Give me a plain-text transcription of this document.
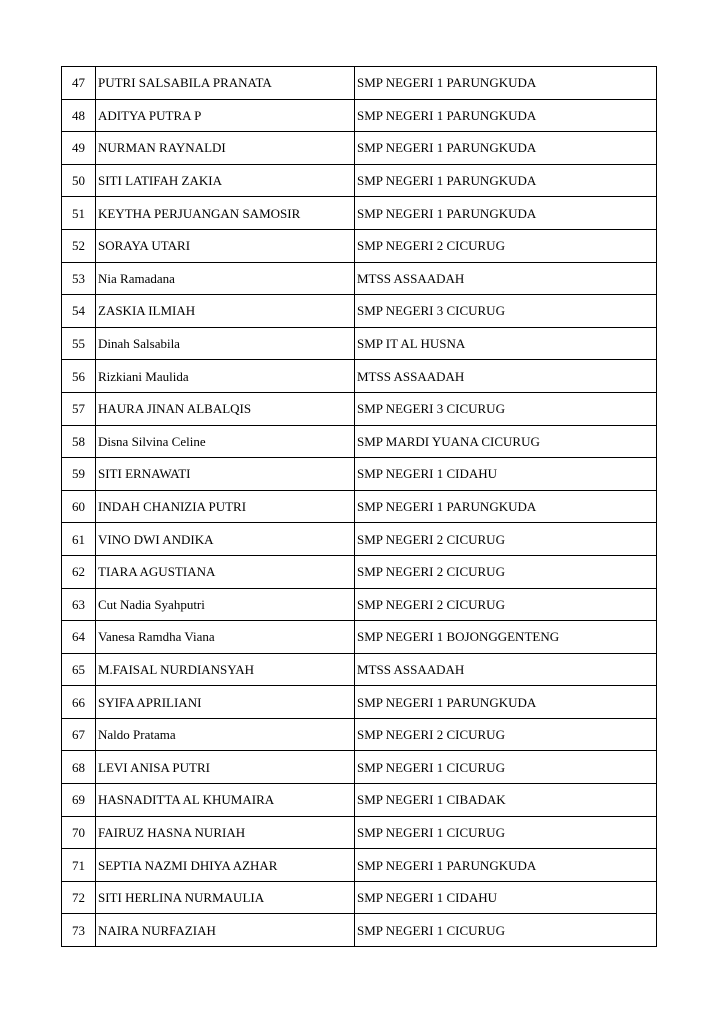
47	PUTRI SALSABILA PRANATA	SMP NEGERI 1 PARUNGKUDA
48	ADITYA PUTRA P	SMP NEGERI 1 PARUNGKUDA
49	NURMAN RAYNALDI	SMP NEGERI 1 PARUNGKUDA
50	SITI LATIFAH ZAKIA	SMP NEGERI 1 PARUNGKUDA
51	KEYTHA PERJUANGAN SAMOSIR	SMP NEGERI 1 PARUNGKUDA
52	SORAYA UTARI	SMP NEGERI 2 CICURUG
53	Nia Ramadana	MTSS ASSAADAH
54	ZASKIA ILMIAH	SMP NEGERI 3 CICURUG
55	Dinah Salsabila	SMP IT AL HUSNA
56	Rizkiani Maulida	MTSS ASSAADAH
57	HAURA JINAN ALBALQIS	SMP NEGERI 3 CICURUG
58	Disna Silvina Celine	SMP MARDI YUANA CICURUG
59	SITI ERNAWATI	SMP NEGERI 1 CIDAHU
60	INDAH CHANIZIA PUTRI	SMP NEGERI 1 PARUNGKUDA
61	VINO DWI ANDIKA	SMP NEGERI 2 CICURUG
62	TIARA AGUSTIANA	SMP NEGERI 2 CICURUG
63	Cut Nadia Syahputri	SMP NEGERI 2 CICURUG
64	Vanesa Ramdha Viana	SMP NEGERI 1 BOJONGGENTENG
65	M.FAISAL NURDIANSYAH	MTSS ASSAADAH
66	SYIFA APRILIANI	SMP NEGERI 1 PARUNGKUDA
67	Naldo Pratama	SMP NEGERI 2 CICURUG
68	LEVI ANISA PUTRI	SMP NEGERI 1 CICURUG
69	HASNADITTA AL KHUMAIRA	SMP NEGERI 1 CIBADAK
70	FAIRUZ HASNA NURIAH	SMP NEGERI 1 CICURUG
71	SEPTIA NAZMI DHIYA AZHAR	SMP NEGERI 1 PARUNGKUDA
72	SITI HERLINA NURMAULIA	SMP NEGERI 1 CIDAHU
73	NAIRA NURFAZIAH	SMP NEGERI 1 CICURUG
